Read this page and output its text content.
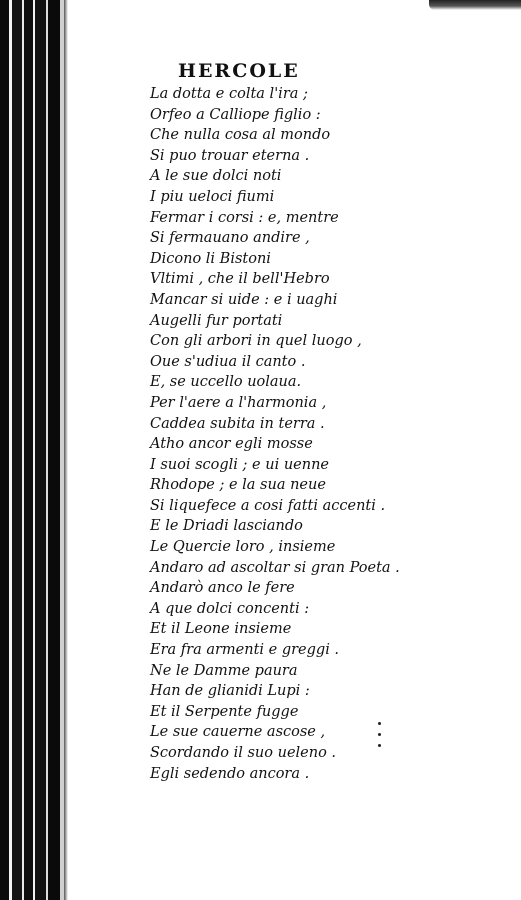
HERCOLE
La dotta e colta l'ira ;
Orfeo a Calliope figlio :
Che nulla cosa al mondo
Si puo trouar eterna .
A le sue dolci noti
I piu ueloci fiumi
Fermar i corsi : e, mentre
Si fermauano andire ,
Dicono li Bistoni
Vltimi , che il bell'Hebro
Mancar si uide : e i uaghi
Augelli fur portati
Con gli arbori in quel luogo ,
Oue s'udiua il canto .
E, se uccello uolaua.
Per l'aere a l'harmonia ,
Caddea subita in terra .
Atho ancor egli mosse
I suoi scogli ; e ui uenne
Rhodope ; e la sua neue
Si liquefece a cosi fatti accenti .
E le Driadi lasciando
Le Quercie loro , insieme
Andaro ad ascoltar si gran Poeta .
Andarò anco le fere
A que dolci concenti :
Et il Leone insieme
Era fra armenti e greggi .
Ne le Damme paura
Han de glianidi Lupi :
Et il Serpente fugge
Le sue cauerne ascose ,
Scordando il suo ueleno .
Egli sedendo ancora .
